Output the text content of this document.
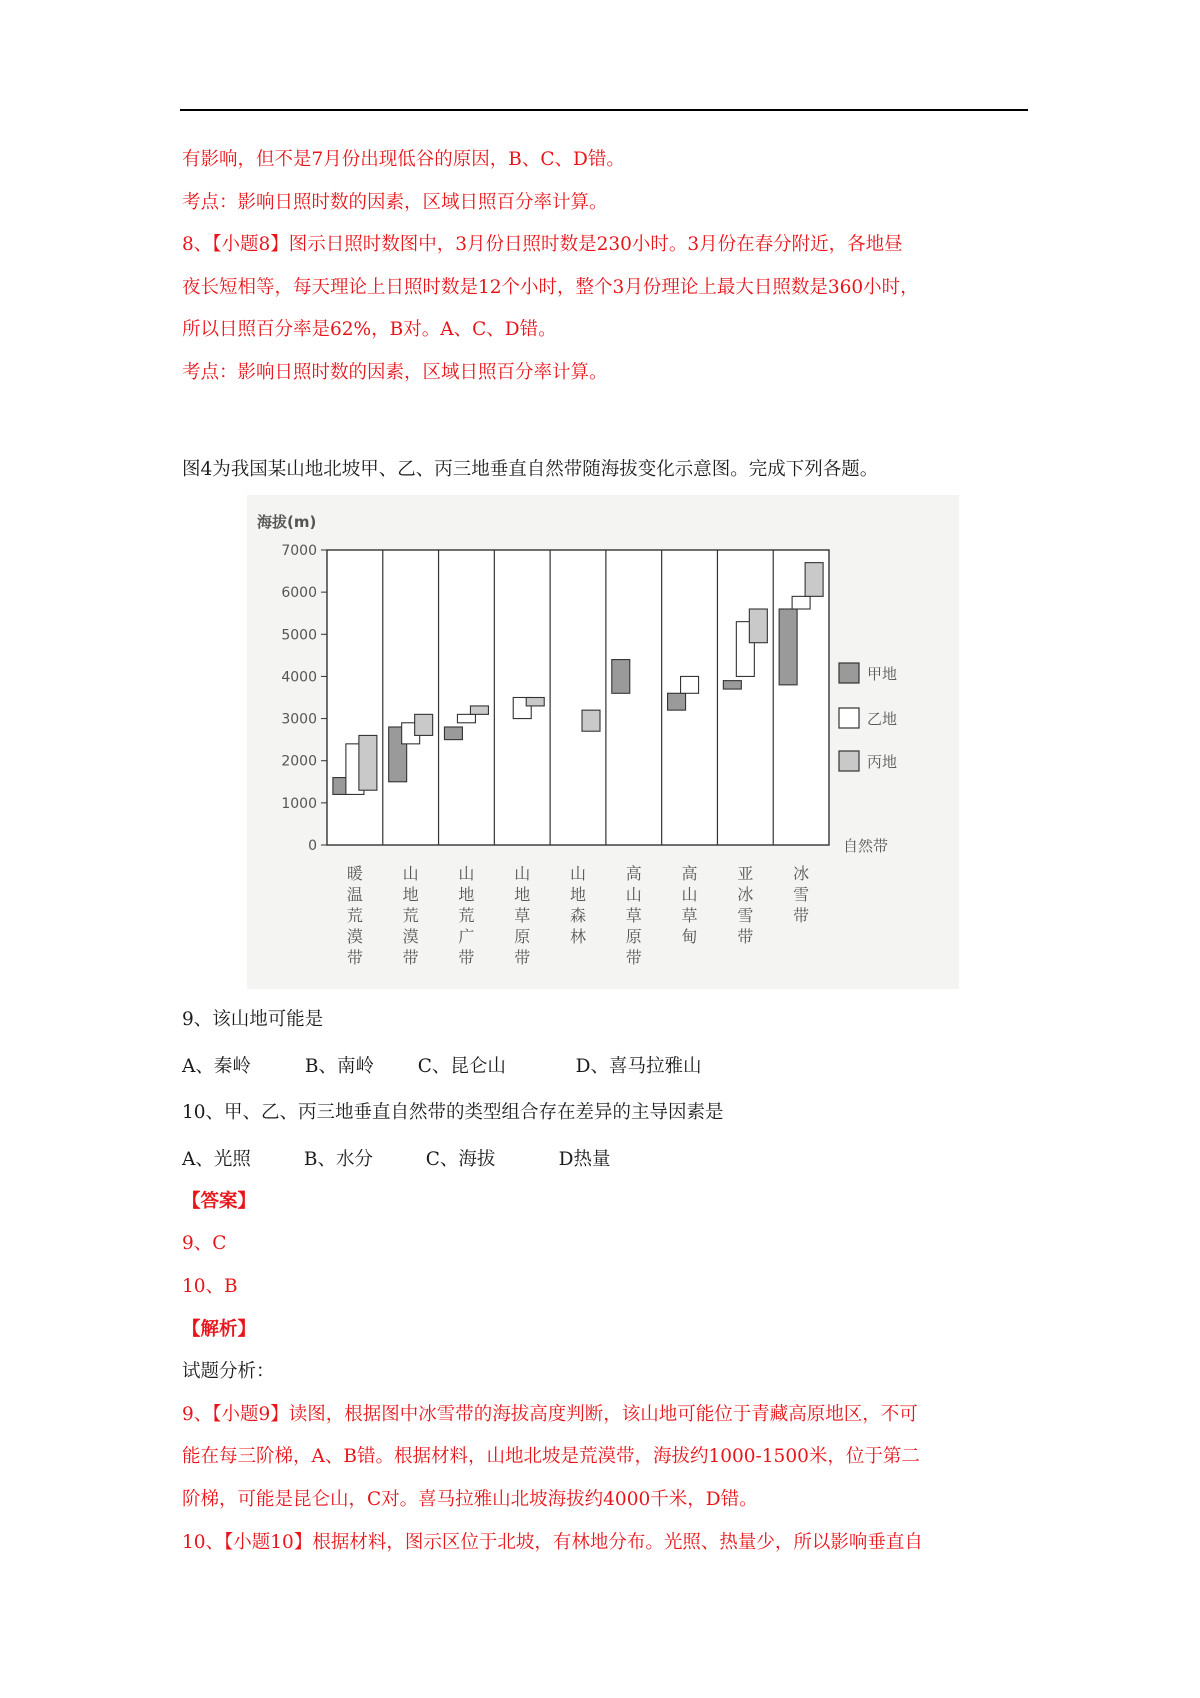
有影响，但不是7月份出现低谷的原因，B、C、D错。
考点：影响日照时数的因素，区域日照百分率计算。
8、【小题8】图示日照时数图中，3月份日照时数是230小时。3月份在春分附近，各地昼
夜长短相等，每天理论上日照时数是12个小时，整个3月份理论上最大日照数是360小时，
所以日照百分率是62%，B对。A、C、D错。
考点：影响日照时数的因素，区域日照百分率计算。
图4为我国某山地北坡甲、乙、丙三地垂直自然带随海拔变化示意图。完成下列各题。
0
1000
2000
3000
4000
5000
6000
7000
海拔(m)
自然带
暖温荒漠带
山地荒漠带
山地荒广带
山地草原带
山地森林
高山草原带
高山草甸
亚冰雪带
冰雪带
甲地
乙地
丙地
9、该山地可能是
A、秦岭	B、南岭 C、昆仑山	D、喜马拉雅山
10、甲、乙、丙三地垂直自然带的类型组合存在差异的主导因素是
A、光照	B、水分	C、海拔	D热量
【答案】
9、C
10、B
【解析】
试题分析：
9、【小题9】读图，根据图中冰雪带的海拔高度判断，该山地可能位于青藏高原地区，不可
能在每三阶梯，A、B错。根据材料，山地北坡是荒漠带，海拔约1000-1500米，位于第二
阶梯，可能是昆仑山，C对。喜马拉雅山北坡海拔约4000千米，D错。
10、【小题10】根据材料，图示区位于北坡，有林地分布。光照、热量少，所以影响垂直自
